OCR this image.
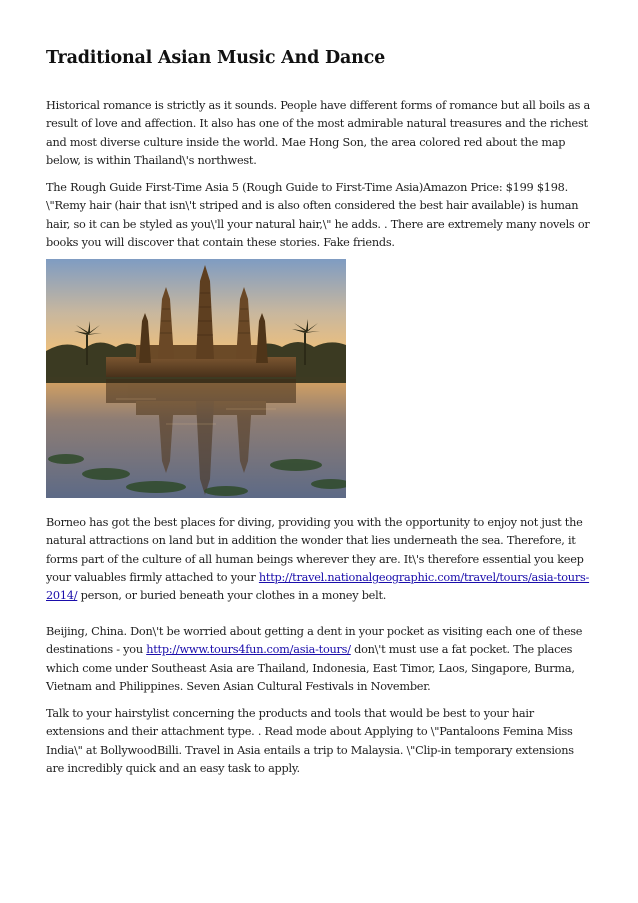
Traditional Asian Music And Dance

Historical romance is strictly as it sounds. People have different forms of romance but all boils as a result of love and affection. It also has one of the most admirable natural treasures and the richest and most diverse culture inside the world. Mae Hong Son, the area colored red about the map below, is within Thailand\'s northwest.

The Rough Guide First-Time Asia 5 (Rough Guide to First-Time Asia)Amazon Price: $199 $198. \"Remy hair (hair that isn\'t striped and is also often considered the best hair available) is human hair, so it can be styled as you\'ll your natural hair,\" he adds. . There are extremely many novels or books you will discover that contain these stories. Fake friends.

Borneo has got the best places for diving, providing you with the opportunity to enjoy not just the natural attractions on land but in addition the wonder that lies underneath the sea. Therefore, it forms part of the culture of all human beings wherever they are. It\'s therefore essential you keep your valuables firmly attached to your http://travel.nationalgeographic.com/travel/tours/asia-tours-2014/ person, or buried beneath your clothes in a money belt.

Beijing, China. Don\'t be worried about getting a dent in your pocket as visiting each one of these destinations - you http://www.tours4fun.com/asia-tours/ don\'t must use a fat pocket. The places which come under Southeast Asia are Thailand, Indonesia, East Timor, Laos, Singapore, Burma, Vietnam and Philippines. Seven Asian Cultural Festivals in November.

Talk to your hairstylist concerning the products and tools that would be best to your hair extensions and their attachment type. . Read mode about Applying to \"Pantaloons Femina Miss India\" at BollywoodBilli. Travel in Asia entails a trip to Malaysia. \"Clip-in temporary extensions are incredibly quick and an easy task to apply.
